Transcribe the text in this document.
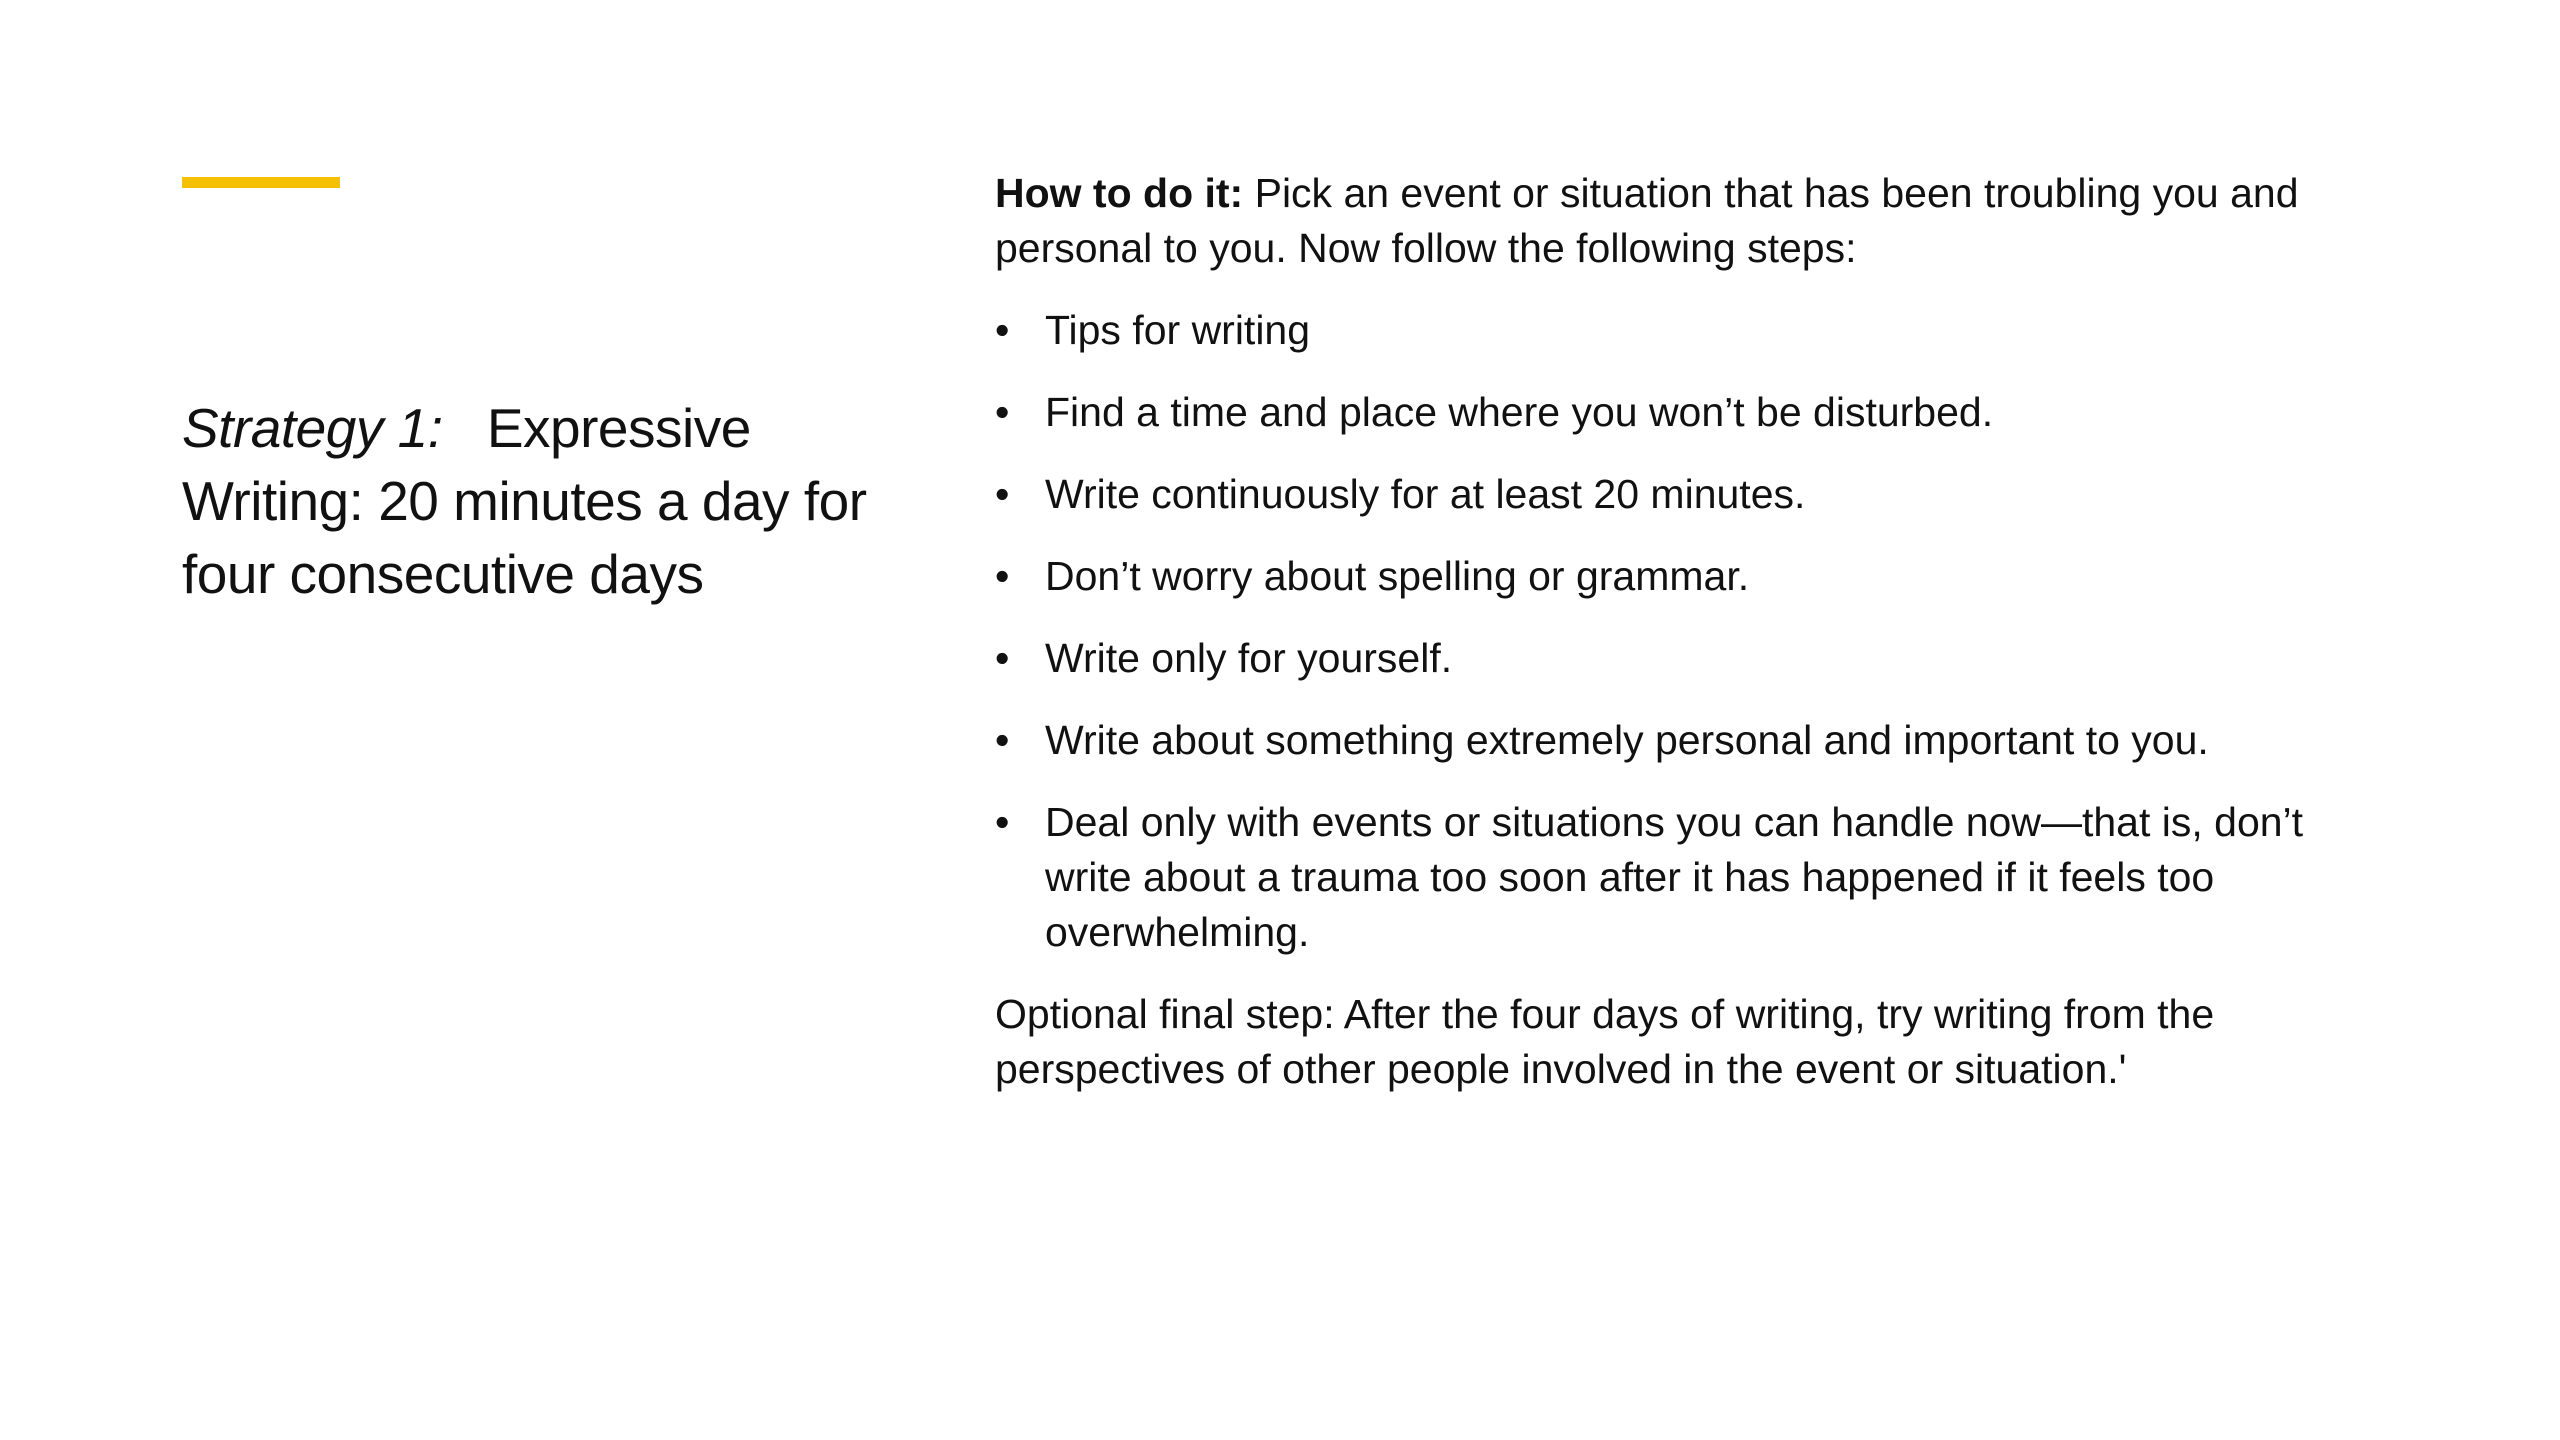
Strategy 1: Expressive Writing: 20 minutes a day for four consecutive days

How to do it: Pick an event or situation that has been troubling you and personal to you. Now follow the following steps:

• Tips for writing
• Find a time and place where you won’t be disturbed.
• Write continuously for at least 20 minutes.
• Don’t worry about spelling or grammar.
• Write only for yourself.
• Write about something extremely personal and important to you.
• Deal only with events or situations you can handle now—that is, don’t write about a trauma too soon after it has happened if it feels too overwhelming.

Optional final step: After the four days of writing, try writing from the perspectives of other people involved in the event or situation.'
